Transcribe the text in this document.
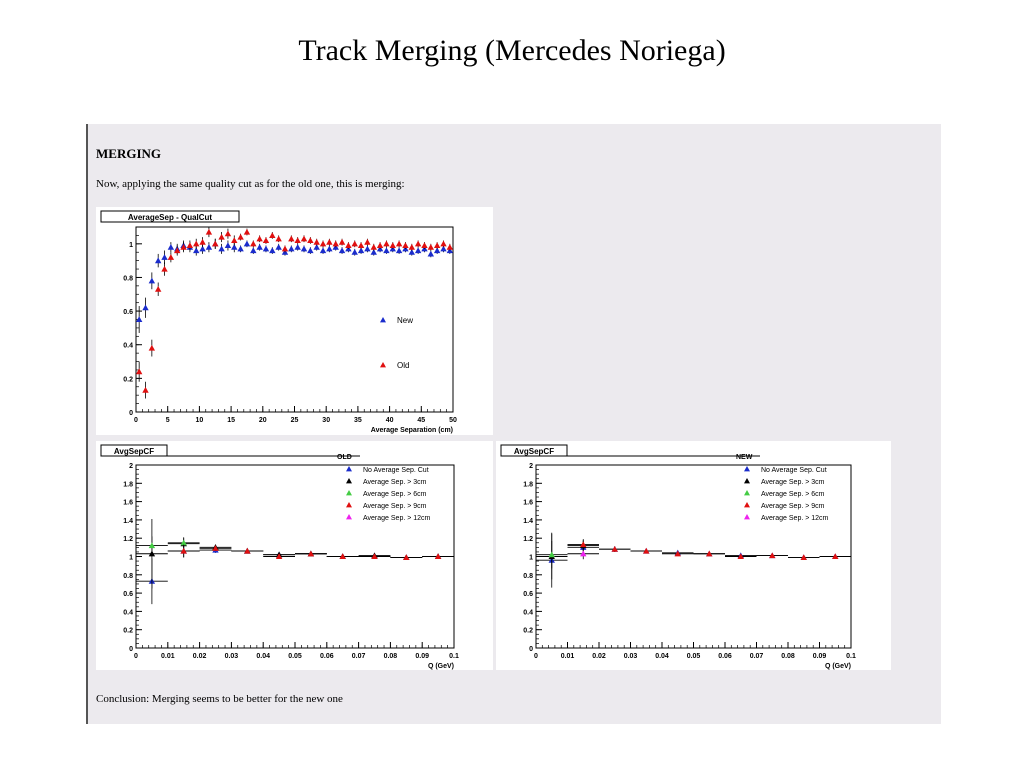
Track Merging (Mercedes Noriega)
MERGING
Now, applying the same quality cut as for the old one, this is merging:
Conclusion: Merging seems to be better for the new one
AverageSep - QualCut
0
0.2
0.4
0.6
0.8
1
0	5	10	15	20	25	30	35	40	45	50
Average Separation (cm)
New
Old
AvgSepCF
0
0.2
0.4
0.6
0.8
1
1.2
1.4
1.6
1.8
2
0	0.01	0.02	0.03	0.04	0.05	0.06	0.07	0.08	0.09	0.1
Q (GeV)
OLD
No Average Sep. Cut
Average Sep. > 3cm
Average Sep. > 6cm
Average Sep. > 9cm
Average Sep. > 12cm
AvgSepCF
0
0.2
0.4
0.6
0.8
1
1.2
1.4
1.6
1.8
2
0	0.01	0.02	0.03	0.04	0.05	0.06	0.07	0.08	0.09	0.1
Q (GeV)
NEW
No Average Sep. Cut
Average Sep. > 3cm
Average Sep. > 6cm
Average Sep. > 9cm
Average Sep. > 12cm
